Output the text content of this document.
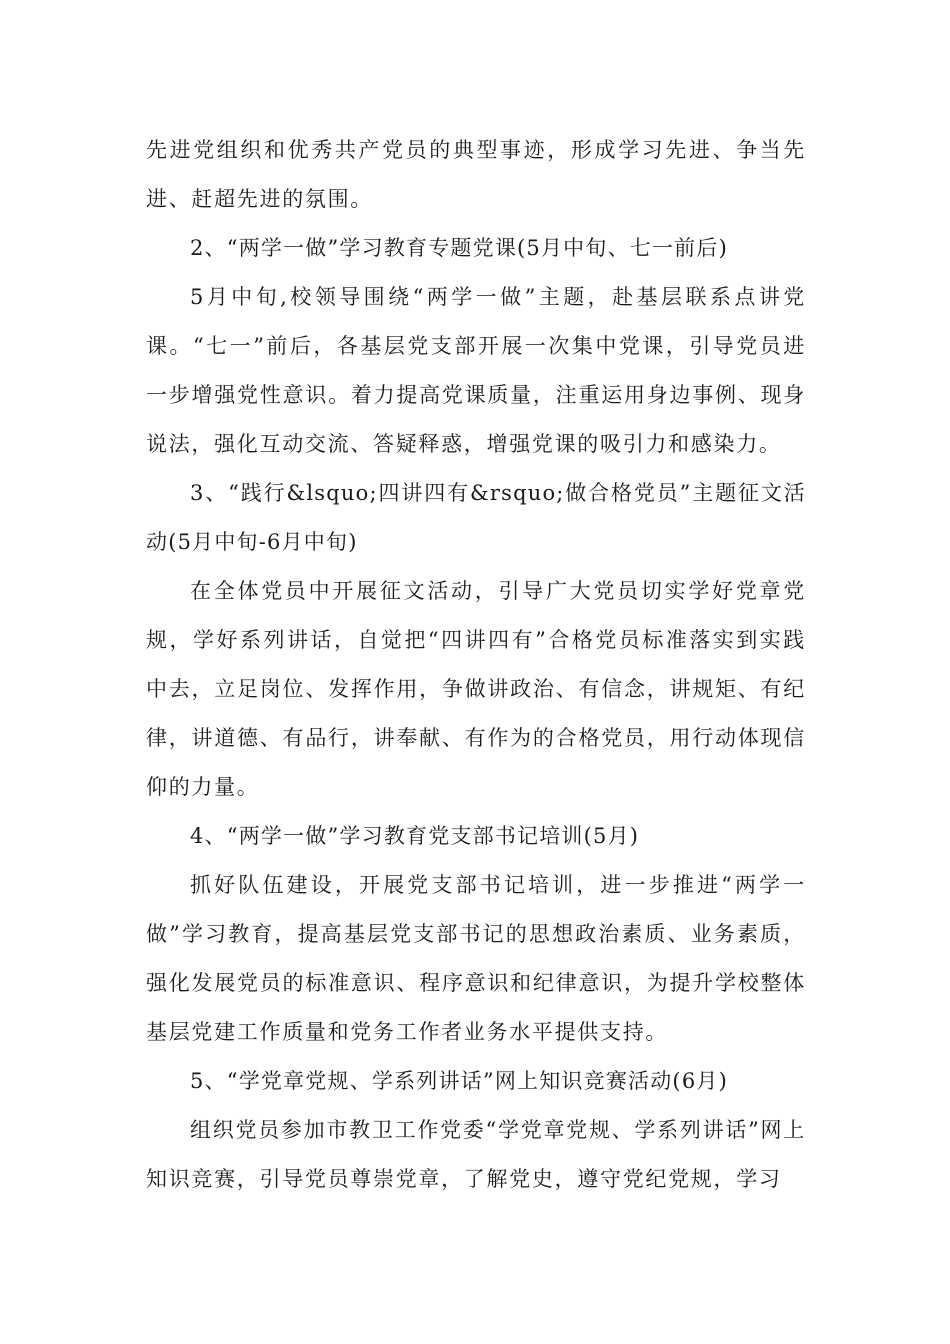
先进党组织和优秀共产党员的典型事迹，形成学习先进、争当先进、赶超先进的氛围。

2、“两学一做”学习教育专题党课(5月中旬、七一前后)

5月中旬,校领导围绕“两学一做”主题，赴基层联系点讲党课。“七一”前后，各基层党支部开展一次集中党课，引导党员进一步增强党性意识。着力提高党课质量，注重运用身边事例、现身说法，强化互动交流、答疑释惑，增强党课的吸引力和感染力。

3、“践行&lsquo;四讲四有&rsquo;做合格党员”主题征文活动(5月中旬-6月中旬)

在全体党员中开展征文活动，引导广大党员切实学好党章党规，学好系列讲话，自觉把“四讲四有”合格党员标准落实到实践中去，立足岗位、发挥作用，争做讲政治、有信念，讲规矩、有纪律，讲道德、有品行，讲奉献、有作为的合格党员，用行动体现信仰的力量。

4、“两学一做”学习教育党支部书记培训(5月)

抓好队伍建设，开展党支部书记培训，进一步推进“两学一做”学习教育，提高基层党支部书记的思想政治素质、业务素质，强化发展党员的标准意识、程序意识和纪律意识，为提升学校整体基层党建工作质量和党务工作者业务水平提供支持。

5、“学党章党规、学系列讲话”网上知识竞赛活动(6月)

组织党员参加市教卫工作党委“学党章党规、学系列讲话”网上知识竞赛，引导党员尊崇党章，了解党史，遵守党纪党规，学习
